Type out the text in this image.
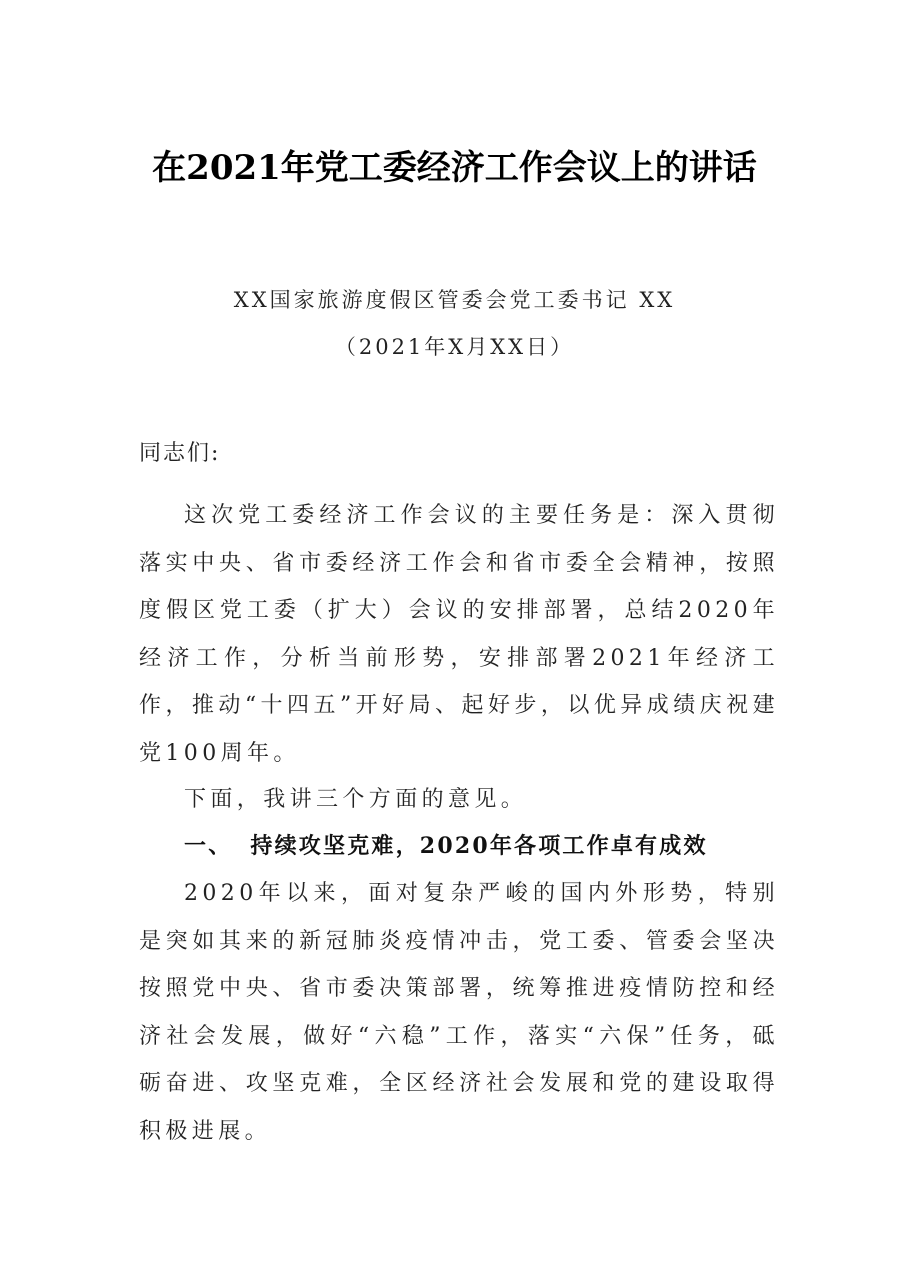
在2021年党工委经济工作会议上的讲话
XX国家旅游度假区管委会党工委书记 XX
（2021年X月XX日）
同志们:

这次党工委经济工作会议的主要任务是：深入贯彻落实中央、省市委经济工作会和省市委全会精神，按照度假区党工委（扩大）会议的安排部署，总结2020年经济工作，分析当前形势，安排部署2021年经济工作，推动“十四五”开好局、起好步，以优异成绩庆祝建党100周年。

下面，我讲三个方面的意见。

一、 持续攻坚克难，2020年各项工作卓有成效

2020年以来，面对复杂严峻的国内外形势，特别是突如其来的新冠肺炎疫情冲击，党工委、管委会坚决按照党中央、省市委决策部署，统筹推进疫情防控和经济社会发展，做好“六稳”工作，落实“六保”任务，砥砺奋进、攻坚克难，全区经济社会发展和党的建设取得积极进展。
